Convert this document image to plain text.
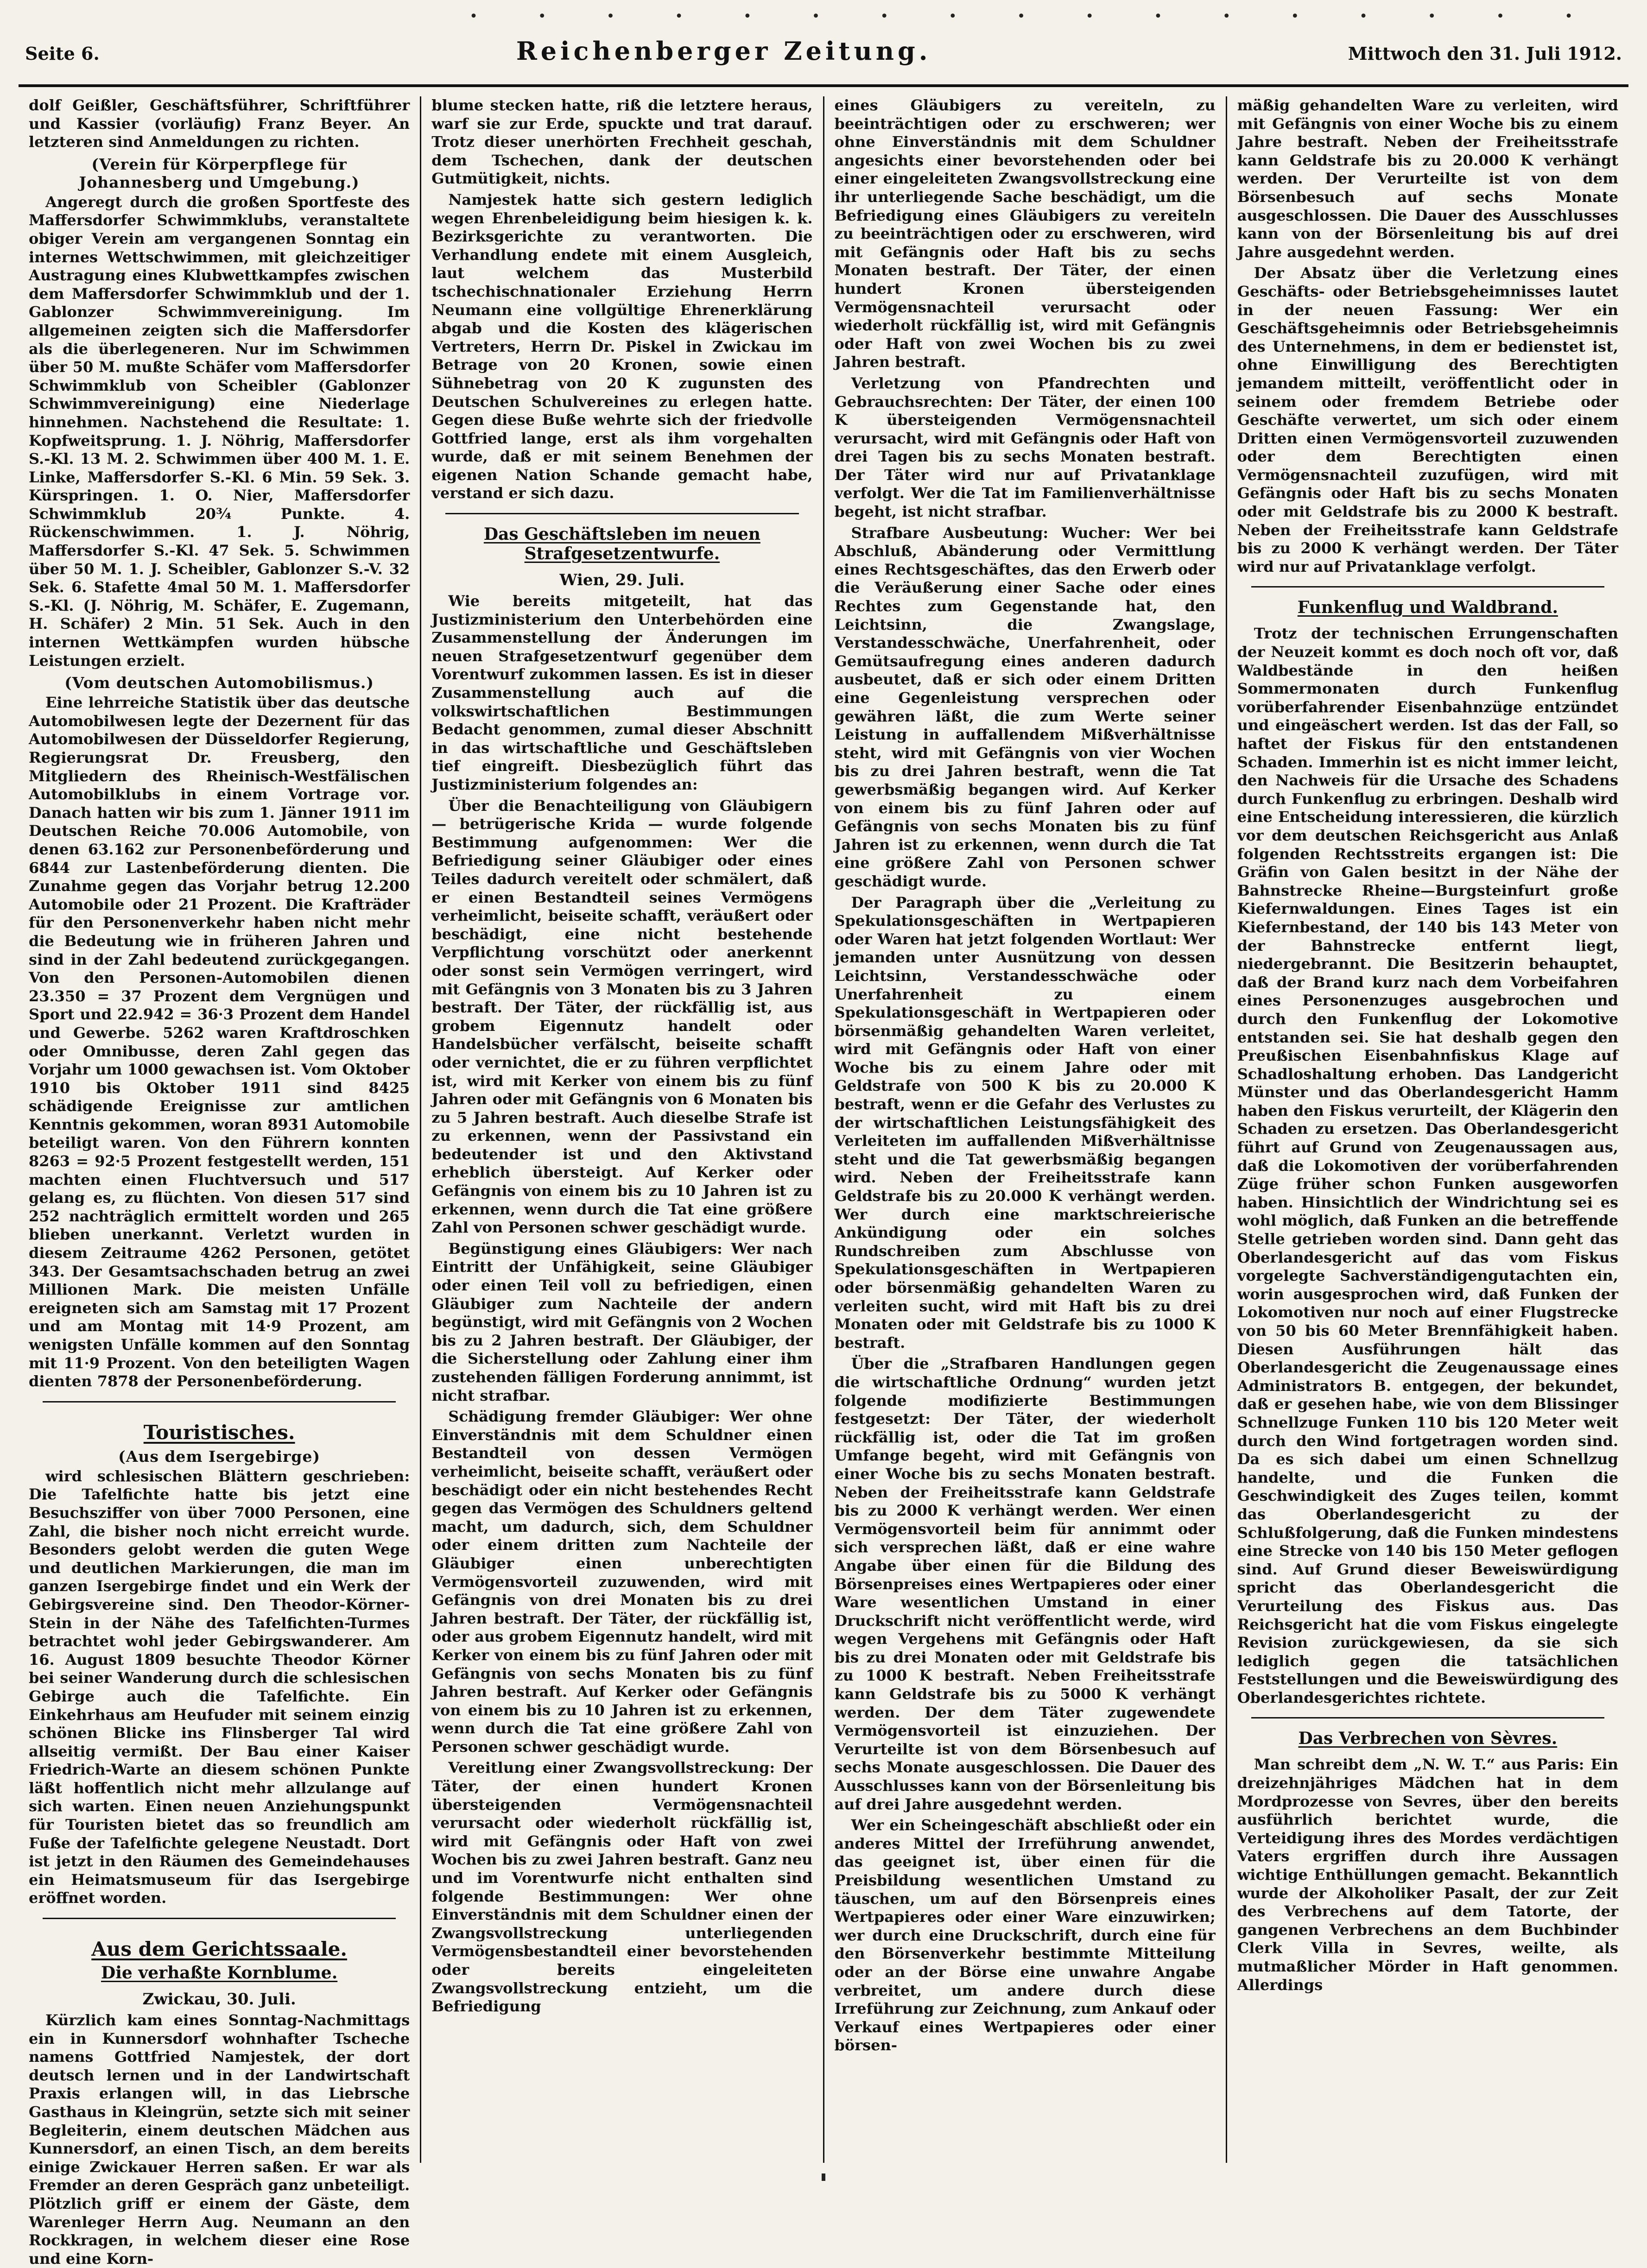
•••••••••••••••••
Seite 6.	Reichenberger Zeitung.	Mittwoch den 31. Juli 1912.

dolf Geißler, Geschäftsführer, Schriftführer und Kassier (vorläufig) Franz Beyer. An letzteren sind Anmeldungen zu richten.

(Verein für Körperpflege für Johannesberg und Umgebung.)

Angeregt durch die großen Sportfeste des Maffersdorfer Schwimmklubs, veranstaltete obiger Verein am vergangenen Sonntag ein internes Wettschwimmen, mit gleichzeitiger Austragung eines Klubwettkampfes zwischen dem Maffersdorfer Schwimmklub und der 1. Gablonzer Schwimmvereinigung. Im allgemeinen zeigten sich die Maffersdorfer als die überlegeneren. Nur im Schwimmen über 50 M. mußte Schäfer vom Maffersdorfer Schwimmklub von Scheibler (Gablonzer Schwimmvereinigung) eine Niederlage hinnehmen. Nachstehend die Resultate: 1. Kopfweitsprung. 1. J. Nöhrig, Maffersdorfer S.-Kl. 13 M. 2. Schwimmen über 400 M. 1. E. Linke, Maffersdorfer S.-Kl. 6 Min. 59 Sek. 3. Kürspringen. 1. O. Nier, Maffersdorfer Schwimmklub 20¾ Punkte. 4. Rückenschwimmen. 1. J. Nöhrig, Maffersdorfer S.-Kl. 47 Sek. 5. Schwimmen über 50 M. 1. J. Scheibler, Gablonzer S.-V. 32 Sek. 6. Stafette 4mal 50 M. 1. Maffersdorfer S.-Kl. (J. Nöhrig, M. Schäfer, E. Zugemann, H. Schäfer) 2 Min. 51 Sek. Auch in den internen Wettkämpfen wurden hübsche Leistungen erzielt.

(Vom deutschen Automobilismus.)

Eine lehrreiche Statistik über das deutsche Automobilwesen legte der Dezernent für das Automobilwesen der Düsseldorfer Regierung, Regierungsrat Dr. Freusberg, den Mitgliedern des Rheinisch-Westfälischen Automobilklubs in einem Vortrage vor. Danach hatten wir bis zum 1. Jänner 1911 im Deutschen Reiche 70.006 Automobile, von denen 63.162 zur Personenbeförderung und 6844 zur Lastenbeförderung dienten. Die Zunahme gegen das Vorjahr betrug 12.200 Automobile oder 21 Prozent. Die Krafträder für den Personenverkehr haben nicht mehr die Bedeutung wie in früheren Jahren und sind in der Zahl bedeutend zurückgegangen. Von den Personen-Automobilen dienen 23.350 = 37 Prozent dem Vergnügen und Sport und 22.942 = 36·3 Prozent dem Handel und Gewerbe. 5262 waren Kraftdroschken oder Omnibusse, deren Zahl gegen das Vorjahr um 1000 gewachsen ist. Vom Oktober 1910 bis Oktober 1911 sind 8425 schädigende Ereignisse zur amtlichen Kenntnis gekommen, woran 8931 Automobile beteiligt waren. Von den Führern konnten 8263 = 92·5 Prozent festgestellt werden, 151 machten einen Fluchtversuch und 517 gelang es, zu flüchten. Von diesen 517 sind 252 nachträglich ermittelt worden und 265 blieben unerkannt. Verletzt wurden in diesem Zeitraume 4262 Personen, getötet 343. Der Gesamtsachschaden betrug an zwei Millionen Mark. Die meisten Unfälle ereigneten sich am Samstag mit 17 Prozent und am Montag mit 14·9 Prozent, am wenigsten Unfälle kommen auf den Sonntag mit 11·9 Prozent. Von den beteiligten Wagen dienten 7878 der Personenbeförderung.

Touristisches.
(Aus dem Isergebirge)

wird schlesischen Blättern geschrieben: Die Tafelfichte hatte bis jetzt eine Besuchsziffer von über 7000 Personen, eine Zahl, die bisher noch nicht erreicht wurde. Besonders gelobt werden die guten Wege und deutlichen Markierungen, die man im ganzen Isergebirge findet und ein Werk der Gebirgsvereine sind. Den Theodor-Körner-Stein in der Nähe des Tafelfichten-Turmes betrachtet wohl jeder Gebirgswanderer. Am 16. August 1809 besuchte Theodor Körner bei seiner Wanderung durch die schlesischen Gebirge auch die Tafelfichte. Ein Einkehrhaus am Heufuder mit seinem einzig schönen Blicke ins Flinsberger Tal wird allseitig vermißt. Der Bau einer Kaiser Friedrich-Warte an diesem schönen Punkte läßt hoffentlich nicht mehr allzulange auf sich warten. Einen neuen Anziehungspunkt für Touristen bietet das so freundlich am Fuße der Tafelfichte gelegene Neustadt. Dort ist jetzt in den Räumen des Gemeindehauses ein Heimatsmuseum für das Isergebirge eröffnet worden.

Aus dem Gerichtssaale.
Die verhaßte Kornblume.
Zwickau, 30. Juli.

Kürzlich kam eines Sonntag-Nachmittags ein in Kunnersdorf wohnhafter Tscheche namens Gottfried Namjestek, der dort deutsch lernen und in der Landwirtschaft Praxis erlangen will, in das Liebrsche Gasthaus in Kleingrün, setzte sich mit seiner Begleiterin, einem deutschen Mädchen aus Kunnersdorf, an einen Tisch, an dem bereits einige Zwickauer Herren saßen. Er war als Fremder an deren Gespräch ganz unbeteiligt. Plötzlich griff er einem der Gäste, dem Warenleger Herrn Aug. Neumann an den Rockkragen, in welchem dieser eine Rose und eine Korn-

blume stecken hatte, riß die letztere heraus, warf sie zur Erde, spuckte und trat darauf. Trotz dieser unerhörten Frechheit geschah, dem Tschechen, dank der deutschen Gutmütigkeit, nichts.

Namjestek hatte sich gestern lediglich wegen Ehrenbeleidigung beim hiesigen k. k. Bezirksgerichte zu verantworten. Die Verhandlung endete mit einem Ausgleich, laut welchem das Musterbild tschechischnationaler Erziehung Herrn Neumann eine vollgültige Ehrenerklärung abgab und die Kosten des klägerischen Vertreters, Herrn Dr. Piskel in Zwickau im Betrage von 20 Kronen, sowie einen Sühnebetrag von 20 K zugunsten des Deutschen Schulvereines zu erlegen hatte. Gegen diese Buße wehrte sich der friedvolle Gottfried lange, erst als ihm vorgehalten wurde, daß er mit seinem Benehmen der eigenen Nation Schande gemacht habe, verstand er sich dazu.

Das Geschäftsleben im neuen Strafgesetzentwurfe.
Wien, 29. Juli.

Wie bereits mitgeteilt, hat das Justizministerium den Unterbehörden eine Zusammenstellung der Änderungen im neuen Strafgesetzentwurf gegenüber dem Vorentwurf zukommen lassen. Es ist in dieser Zusammenstellung auch auf die volkswirtschaftlichen Bestimmungen Bedacht genommen, zumal dieser Abschnitt in das wirtschaftliche und Geschäftsleben tief eingreift. Diesbezüglich führt das Justizministerium folgendes an:

Über die Benachteiligung von Gläubigern — betrügerische Krida — wurde folgende Bestimmung aufgenommen: Wer die Befriedigung seiner Gläubiger oder eines Teiles dadurch vereitelt oder schmälert, daß er einen Bestandteil seines Vermögens verheimlicht, beiseite schafft, veräußert oder beschädigt, eine nicht bestehende Verpflichtung vorschützt oder anerkennt oder sonst sein Vermögen verringert, wird mit Gefängnis von 3 Monaten bis zu 3 Jahren bestraft. Der Täter, der rückfällig ist, aus grobem Eigennutz handelt oder Handelsbücher verfälscht, beiseite schafft oder vernichtet, die er zu führen verpflichtet ist, wird mit Kerker von einem bis zu fünf Jahren oder mit Gefängnis von 6 Monaten bis zu 5 Jahren bestraft. Auch dieselbe Strafe ist zu erkennen, wenn der Passivstand ein bedeutender ist und den Aktivstand erheblich übersteigt. Auf Kerker oder Gefängnis von einem bis zu 10 Jahren ist zu erkennen, wenn durch die Tat eine größere Zahl von Personen schwer geschädigt wurde.

Begünstigung eines Gläubigers: Wer nach Eintritt der Unfähigkeit, seine Gläubiger oder einen Teil voll zu befriedigen, einen Gläubiger zum Nachteile der andern begünstigt, wird mit Gefängnis von 2 Wochen bis zu 2 Jahren bestraft. Der Gläubiger, der die Sicherstellung oder Zahlung einer ihm zustehenden fälligen Forderung annimmt, ist nicht strafbar.

Schädigung fremder Gläubiger: Wer ohne Einverständnis mit dem Schuldner einen Bestandteil von dessen Vermögen verheimlicht, beiseite schafft, veräußert oder beschädigt oder ein nicht bestehendes Recht gegen das Vermögen des Schuldners geltend macht, um dadurch, sich, dem Schuldner oder einem dritten zum Nachteile der Gläubiger einen unberechtigten Vermögensvorteil zuzuwenden, wird mit Gefängnis von drei Monaten bis zu drei Jahren bestraft. Der Täter, der rückfällig ist, oder aus grobem Eigennutz handelt, wird mit Kerker von einem bis zu fünf Jahren oder mit Gefängnis von sechs Monaten bis zu fünf Jahren bestraft. Auf Kerker oder Gefängnis von einem bis zu 10 Jahren ist zu erkennen, wenn durch die Tat eine größere Zahl von Personen schwer geschädigt wurde.

Vereitlung einer Zwangsvollstreckung: Der Täter, der einen hundert Kronen übersteigenden Vermögensnachteil verursacht oder wiederholt rückfällig ist, wird mit Gefängnis oder Haft von zwei Wochen bis zu zwei Jahren bestraft. Ganz neu und im Vorentwurfe nicht enthalten sind folgende Bestimmungen: Wer ohne Einverständnis mit dem Schuldner einen der Zwangsvollstreckung unterliegenden Vermögensbestandteil einer bevorstehenden oder bereits eingeleiteten Zwangsvollstreckung entzieht, um die Befriedigung

eines Gläubigers zu vereiteln, zu beeinträchtigen oder zu erschweren; wer ohne Einverständnis mit dem Schuldner angesichts einer bevorstehenden oder bei einer eingeleiteten Zwangsvollstreckung eine ihr unterliegende Sache beschädigt, um die Befriedigung eines Gläubigers zu vereiteln zu beeinträchtigen oder zu erschweren, wird mit Gefängnis oder Haft bis zu sechs Monaten bestraft. Der Täter, der einen hundert Kronen übersteigenden Vermögensnachteil verursacht oder wiederholt rückfällig ist, wird mit Gefängnis oder Haft von zwei Wochen bis zu zwei Jahren bestraft.

Verletzung von Pfandrechten und Gebrauchsrechten: Der Täter, der einen 100 K übersteigenden Vermögensnachteil verursacht, wird mit Gefängnis oder Haft von drei Tagen bis zu sechs Monaten bestraft. Der Täter wird nur auf Privatanklage verfolgt. Wer die Tat im Familienverhältnisse begeht, ist nicht strafbar.

Strafbare Ausbeutung: Wucher: Wer bei Abschluß, Abänderung oder Vermittlung eines Rechtsgeschäftes, das den Erwerb oder die Veräußerung einer Sache oder eines Rechtes zum Gegenstande hat, den Leichtsinn, die Zwangslage, Verstandesschwäche, Unerfahrenheit, oder Gemütsaufregung eines anderen dadurch ausbeutet, daß er sich oder einem Dritten eine Gegenleistung versprechen oder gewähren läßt, die zum Werte seiner Leistung in auffallendem Mißverhältnisse steht, wird mit Gefängnis von vier Wochen bis zu drei Jahren bestraft, wenn die Tat gewerbsmäßig begangen wird. Auf Kerker von einem bis zu fünf Jahren oder auf Gefängnis von sechs Monaten bis zu fünf Jahren ist zu erkennen, wenn durch die Tat eine größere Zahl von Personen schwer geschädigt wurde.

Der Paragraph über die „Verleitung zu Spekulationsgeschäften in Wertpapieren oder Waren hat jetzt folgenden Wortlaut: Wer jemanden unter Ausnützung von dessen Leichtsinn, Verstandesschwäche oder Unerfahrenheit zu einem Spekulationsgeschäft in Wertpapieren oder börsenmäßig gehandelten Waren verleitet, wird mit Gefängnis oder Haft von einer Woche bis zu einem Jahre oder mit Geldstrafe von 500 K bis zu 20.000 K bestraft, wenn er die Gefahr des Verlustes zu der wirtschaftlichen Leistungsfähigkeit des Verleiteten im auffallenden Mißverhältnisse steht und die Tat gewerbsmäßig begangen wird. Neben der Freiheitsstrafe kann Geldstrafe bis zu 20.000 K verhängt werden. Wer durch eine marktschreierische Ankündigung oder ein solches Rundschreiben zum Abschlusse von Spekulationsgeschäften in Wertpapieren oder börsenmäßig gehandelten Waren zu verleiten sucht, wird mit Haft bis zu drei Monaten oder mit Geldstrafe bis zu 1000 K bestraft.

Über die „Strafbaren Handlungen gegen die wirtschaftliche Ordnung“ wurden jetzt folgende modifizierte Bestimmungen festgesetzt: Der Täter, der wiederholt rückfällig ist, oder die Tat im großen Umfange begeht, wird mit Gefängnis von einer Woche bis zu sechs Monaten bestraft. Neben der Freiheitsstrafe kann Geldstrafe bis zu 2000 K verhängt werden. Wer einen Vermögensvorteil beim für annimmt oder sich versprechen läßt, daß er eine wahre Angabe über einen für die Bildung des Börsenpreises eines Wertpapieres oder einer Ware wesentlichen Umstand in einer Druckschrift nicht veröffentlicht werde, wird wegen Vergehens mit Gefängnis oder Haft bis zu drei Monaten oder mit Geldstrafe bis zu 1000 K bestraft. Neben Freiheitsstrafe kann Geldstrafe bis zu 5000 K verhängt werden. Der dem Täter zugewendete Vermögensvorteil ist einzuziehen. Der Verurteilte ist von dem Börsenbesuch auf sechs Monate ausgeschlossen. Die Dauer des Ausschlusses kann von der Börsenleitung bis auf drei Jahre ausgedehnt werden.

Wer ein Scheingeschäft abschließt oder ein anderes Mittel der Irreführung anwendet, das geeignet ist, über einen für die Preisbildung wesentlichen Umstand zu täuschen, um auf den Börsenpreis eines Wertpapieres oder einer Ware einzuwirken; wer durch eine Druckschrift, durch eine für den Börsenverkehr bestimmte Mitteilung oder an der Börse eine unwahre Angabe verbreitet, um andere durch diese Irreführung zur Zeichnung, zum Ankauf oder Verkauf eines Wertpapieres oder einer börsen-

mäßig gehandelten Ware zu verleiten, wird mit Gefängnis von einer Woche bis zu einem Jahre bestraft. Neben der Freiheitsstrafe kann Geldstrafe bis zu 20.000 K verhängt werden. Der Verurteilte ist von dem Börsenbesuch auf sechs Monate ausgeschlossen. Die Dauer des Ausschlusses kann von der Börsenleitung bis auf drei Jahre ausgedehnt werden.

Der Absatz über die Verletzung eines Geschäfts- oder Betriebsgeheimnisses lautet in der neuen Fassung: Wer ein Geschäftsgeheimnis oder Betriebsgeheimnis des Unternehmens, in dem er bedienstet ist, ohne Einwilligung des Berechtigten jemandem mitteilt, veröffentlicht oder in seinem oder fremdem Betriebe oder Geschäfte verwertet, um sich oder einem Dritten einen Vermögensvorteil zuzuwenden oder dem Berechtigten einen Vermögensnachteil zuzufügen, wird mit Gefängnis oder Haft bis zu sechs Monaten oder mit Geldstrafe bis zu 2000 K bestraft. Neben der Freiheitsstrafe kann Geldstrafe bis zu 2000 K verhängt werden. Der Täter wird nur auf Privatanklage verfolgt.

Funkenflug und Waldbrand.

Trotz der technischen Errungenschaften der Neuzeit kommt es doch noch oft vor, daß Waldbestände in den heißen Sommermonaten durch Funkenflug vorüberfahrender Eisenbahnzüge entzündet und eingeäschert werden. Ist das der Fall, so haftet der Fiskus für den entstandenen Schaden. Immerhin ist es nicht immer leicht, den Nachweis für die Ursache des Schadens durch Funkenflug zu erbringen. Deshalb wird eine Entscheidung interessieren, die kürzlich vor dem deutschen Reichsgericht aus Anlaß folgenden Rechtsstreits ergangen ist: Die Gräfin von Galen besitzt in der Nähe der Bahnstrecke Rheine—Burgsteinfurt große Kiefernwaldungen. Eines Tages ist ein Kiefernbestand, der 140 bis 143 Meter von der Bahnstrecke entfernt liegt, niedergebrannt. Die Besitzerin behauptet, daß der Brand kurz nach dem Vorbeifahren eines Personenzuges ausgebrochen und durch den Funkenflug der Lokomotive entstanden sei. Sie hat deshalb gegen den Preußischen Eisenbahnfiskus Klage auf Schadloshaltung erhoben. Das Landgericht Münster und das Oberlandesgericht Hamm haben den Fiskus verurteilt, der Klägerin den Schaden zu ersetzen. Das Oberlandesgericht führt auf Grund von Zeugenaussagen aus, daß die Lokomotiven der vorüberfahrenden Züge früher schon Funken ausgeworfen haben. Hinsichtlich der Windrichtung sei es wohl möglich, daß Funken an die betreffende Stelle getrieben worden sind. Dann geht das Oberlandesgericht auf das vom Fiskus vorgelegte Sachverständigengutachten ein, worin ausgesprochen wird, daß Funken der Lokomotiven nur noch auf einer Flugstrecke von 50 bis 60 Meter Brennfähigkeit haben. Diesen Ausführungen hält das Oberlandesgericht die Zeugenaussage eines Administrators B. entgegen, der bekundet, daß er gesehen habe, wie von dem Blissinger Schnellzuge Funken 110 bis 120 Meter weit durch den Wind fortgetragen worden sind. Da es sich dabei um einen Schnellzug handelte, und die Funken die Geschwindigkeit des Zuges teilen, kommt das Oberlandesgericht zu der Schlußfolgerung, daß die Funken mindestens eine Strecke von 140 bis 150 Meter geflogen sind. Auf Grund dieser Beweiswürdigung spricht das Oberlandesgericht die Verurteilung des Fiskus aus. Das Reichsgericht hat die vom Fiskus eingelegte Revision zurückgewiesen, da sie sich lediglich gegen die tatsächlichen Feststellungen und die Beweiswürdigung des Oberlandesgerichtes richtete.

Das Verbrechen von Sèvres.

Man schreibt dem „N. W. T.“ aus Paris: Ein dreizehnjähriges Mädchen hat in dem Mordprozesse von Sevres, über den bereits ausführlich berichtet wurde, die Verteidigung ihres des Mordes verdächtigen Vaters ergriffen durch ihre Aussagen wichtige Enthüllungen gemacht. Bekanntlich wurde der Alkoholiker Pasalt, der zur Zeit des Verbrechens auf dem Tatorte, der gangenen Verbrechens an dem Buchbinder Clerk Villa in Sevres, weilte, als mutmaßlicher Mörder in Haft genommen. Allerdings
